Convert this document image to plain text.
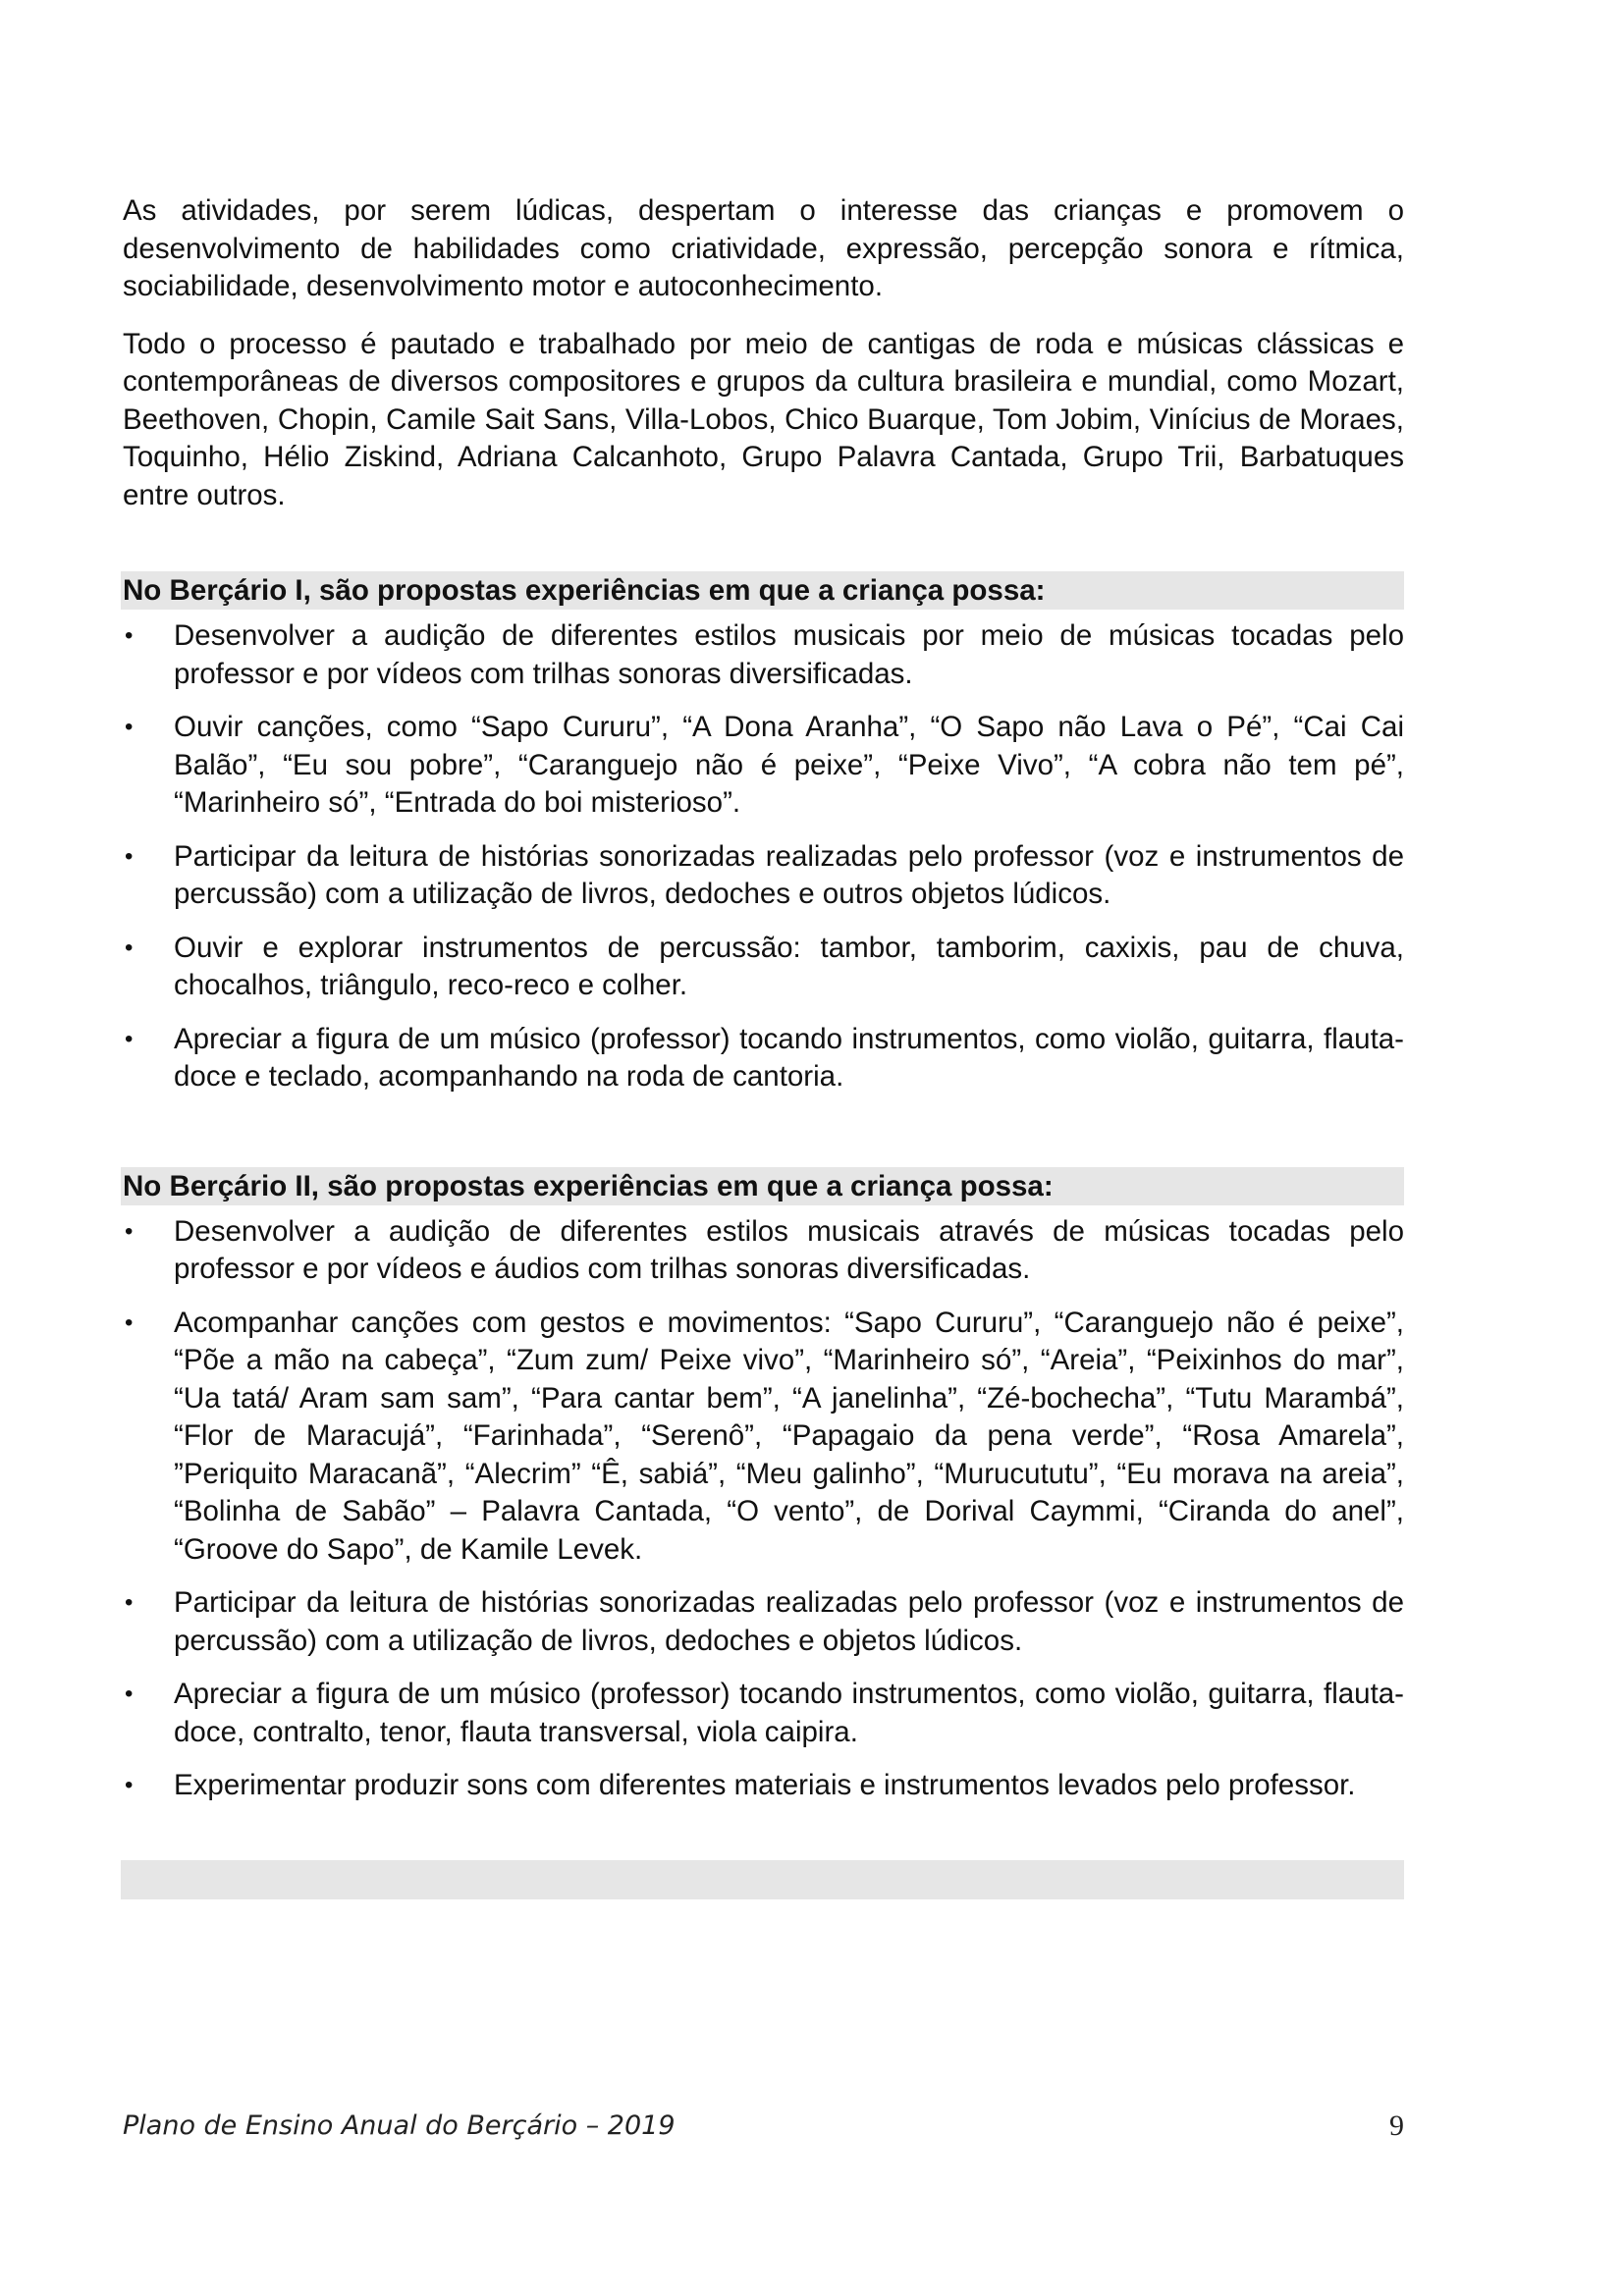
As atividades, por serem lúdicas, despertam o interesse das crianças e promovem o desenvolvimento de habilidades como criatividade, expressão, percepção sonora e rítmica, sociabilidade, desenvolvimento motor e autoconhecimento.

Todo o processo é pautado e trabalhado por meio de cantigas de roda e músicas clássicas e contemporâneas de diversos compositores e grupos da cultura brasileira e mundial, como Mozart, Beethoven, Chopin, Camile Sait Sans, Villa-Lobos, Chico Buarque, Tom Jobim, Vinícius de Moraes, Toquinho, Hélio Ziskind, Adriana Calcanhoto, Grupo Palavra Cantada, Grupo Trii, Barbatuques entre outros.

No Berçário I, são propostas experiências em que a criança possa:
• Desenvolver a audição de diferentes estilos musicais por meio de músicas tocadas pelo professor e por vídeos com trilhas sonoras diversificadas.
• Ouvir canções, como “Sapo Cururu”, “A Dona Aranha”, “O Sapo não Lava o Pé”, “Cai Cai Balão”, “Eu sou pobre”, “Caranguejo não é peixe”, “Peixe Vivo”, “A cobra não tem pé”, “Marinheiro só”, “Entrada do boi misterioso”.
• Participar da leitura de histórias sonorizadas realizadas pelo professor (voz e instrumentos de percussão) com a utilização de livros, dedoches e outros objetos lúdicos.
• Ouvir e explorar instrumentos de percussão: tambor, tamborim, caxixis, pau de chuva, chocalhos, triângulo, reco-reco e colher.
• Apreciar a figura de um músico (professor) tocando instrumentos, como violão, guitarra, flauta-doce e teclado, acompanhando na roda de cantoria.
No Berçário II, são propostas experiências em que a criança possa:
• Desenvolver a audição de diferentes estilos musicais através de músicas tocadas pelo professor e por vídeos e áudios com trilhas sonoras diversificadas.
• Acompanhar canções com gestos e movimentos: “Sapo Cururu”, “Caranguejo não é peixe”, “Põe a mão na cabeça”, “Zum zum/ Peixe vivo”, “Marinheiro só”, “Areia”, “Peixinhos do mar”, “Ua tatá/ Aram sam sam”, “Para cantar bem”, “A janelinha”, “Zé-bochecha”, “Tutu Marambá”, “Flor de Maracujá”, “Farinhada”, “Serenô”, “Papagaio da pena verde”, “Rosa Amarela”, ”Periquito Maracanã”, “Alecrim” “Ê, sabiá”, “Meu galinho”, “Murucututu”, “Eu morava na areia”, “Bolinha de Sabão” – Palavra Cantada, “O vento”, de Dorival Caymmi, “Ciranda do anel”, “Groove do Sapo”, de Kamile Levek.
• Participar da leitura de histórias sonorizadas realizadas pelo professor (voz e instrumentos de percussão) com a utilização de livros, dedoches e objetos lúdicos.
• Apreciar a figura de um músico (professor) tocando instrumentos, como violão, guitarra, flauta-doce, contralto, tenor, flauta transversal, viola caipira.
• Experimentar produzir sons com diferentes materiais e instrumentos levados pelo professor.
Plano de Ensino Anual do Berçário – 2019	9
